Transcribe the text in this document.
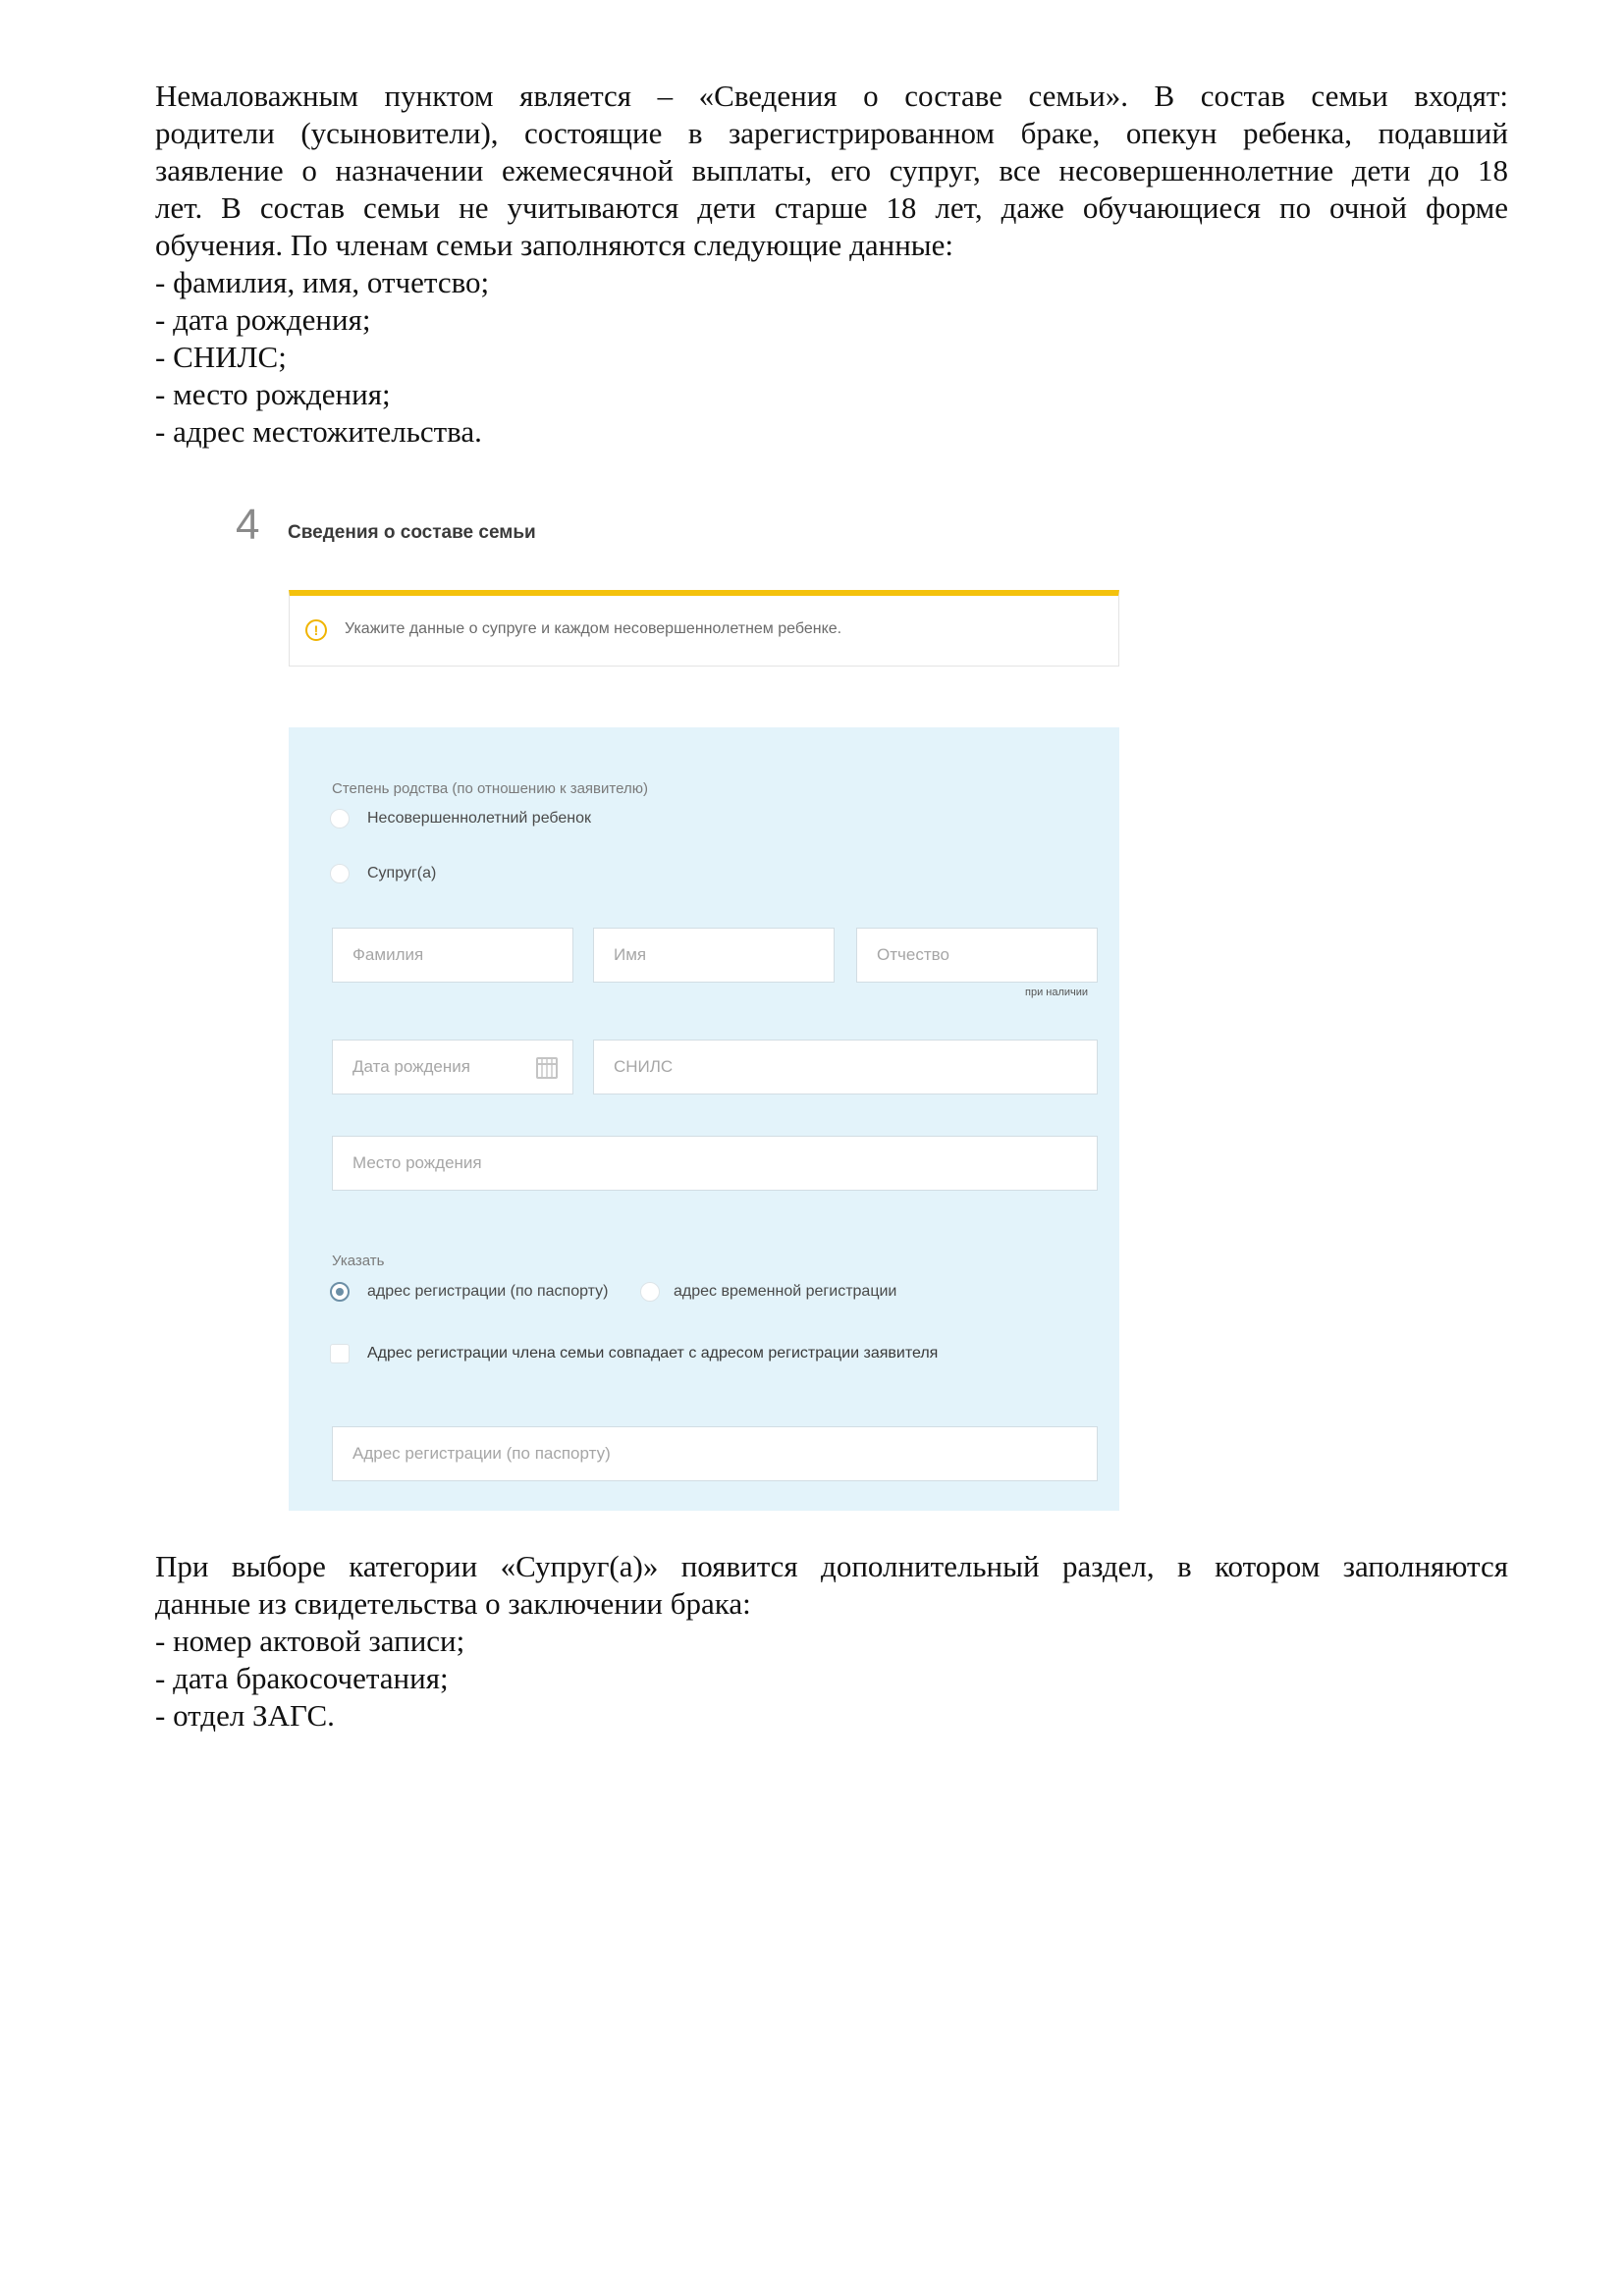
Немаловажным пунктом является – «Сведения о составе семьи». В состав семьи входят:
родители (усыновители), состоящие в зарегистрированном браке, опекун ребенка, подавший
заявление о назначении ежемесячной выплаты, его супруг, все несовершеннолетние дети до 18
лет. В состав семьи не учитываются дети старше 18 лет, даже обучающиеся по очной форме
обучения. По членам семьи заполняются следующие данные:
- фамилия, имя, отчетсво;
- дата рождения;
- СНИЛС;
- место рождения;
- адрес местожительства.
4 Сведения о составе семьи
!	Укажите данные о супруге и каждом несовершеннолетнем ребенке.
Степень родства (по отношению к заявителю)
Несовершеннолетний ребенок
Супруг(а)
Фамилия
Имя
Отчество
при наличии
Дата рождения
СНИЛС
Место рождения
Указать
адрес регистрации (по паспорту)	адрес временной регистрации
Адрес регистрации члена семьи совпадает с адресом регистрации заявителя
Адрес регистрации (по паспорту)
При выборе категории «Супруг(а)» появится дополнительный раздел, в котором заполняются
данные из свидетельства о заключении брака:
- номер актовой записи;
- дата бракосочетания;
- отдел ЗАГС.
